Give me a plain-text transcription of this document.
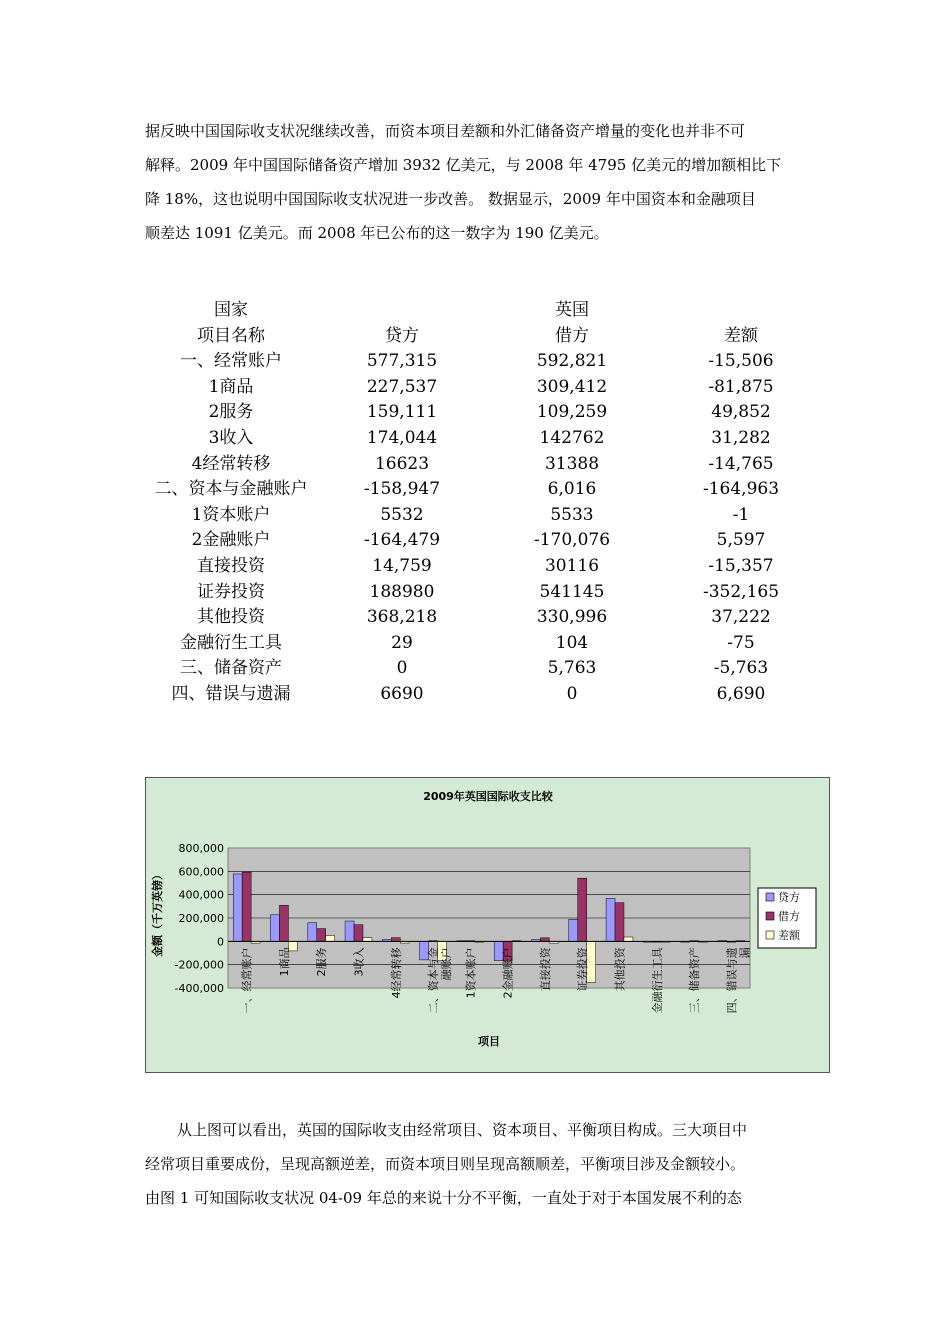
据反映中国国际收支状况继续改善，而资本项目差额和外汇储备资产增量的变化也并非不可

解释。2009 年中国国际储备资产增加 3932 亿美元，与 2008 年 4795 亿美元的增加额相比下

降 18%，这也说明中国国际收支状况进一步改善。 数据显示，2009 年中国资本和金融项目

顺差达 1091 亿美元。而 2008 年已公布的这一数字为 190 亿美元。

国家		英国	
项目名称	贷方	借方	差额
一、经常账户	577,315	592,821	-15,506
1商品	227,537	309,412	-81,875
2服务	159,111	109,259	49,852
3收入	174,044	142762	31,282
4经常转移	16623	31388	-14,765
二、资本与金融账户	-158,947	6,016	-164,963
1资本账户	5532	5533	-1
2金融账户	-164,479	-170,076	5,597
直接投资	14,759	30116	-15,357
证券投资	188980	541145	-352,165
其他投资	368,218	330,996	37,222
金融衍生工具	29	104	-75
三、储备资产	0	5,763	-5,763
四、错误与遗漏	6690	0	6,690
2009年英国国际收支比较
800,000
600,000
400,000
200,000
0
-200,000
-400,000 一、经常账户 1商品 2服务 3收入 4经常转移 二、资本与金融账户 1资本账户 2金融账户 直接投资 证券投资 其他投资 金融衍生工具 三、储备资产 四、错误与遗漏
金额（千万英镑）
项目
贷方
借方
差额

从上图可以看出，英国的国际收支由经常项目、资本项目、平衡项目构成。三大项目中

经常项目重要成份，呈现高额逆差，而资本项目则呈现高额顺差，平衡项目涉及金额较小。

由图 1 可知国际收支状况 04-09 年总的来说十分不平衡，一直处于对于本国发展不利的态
